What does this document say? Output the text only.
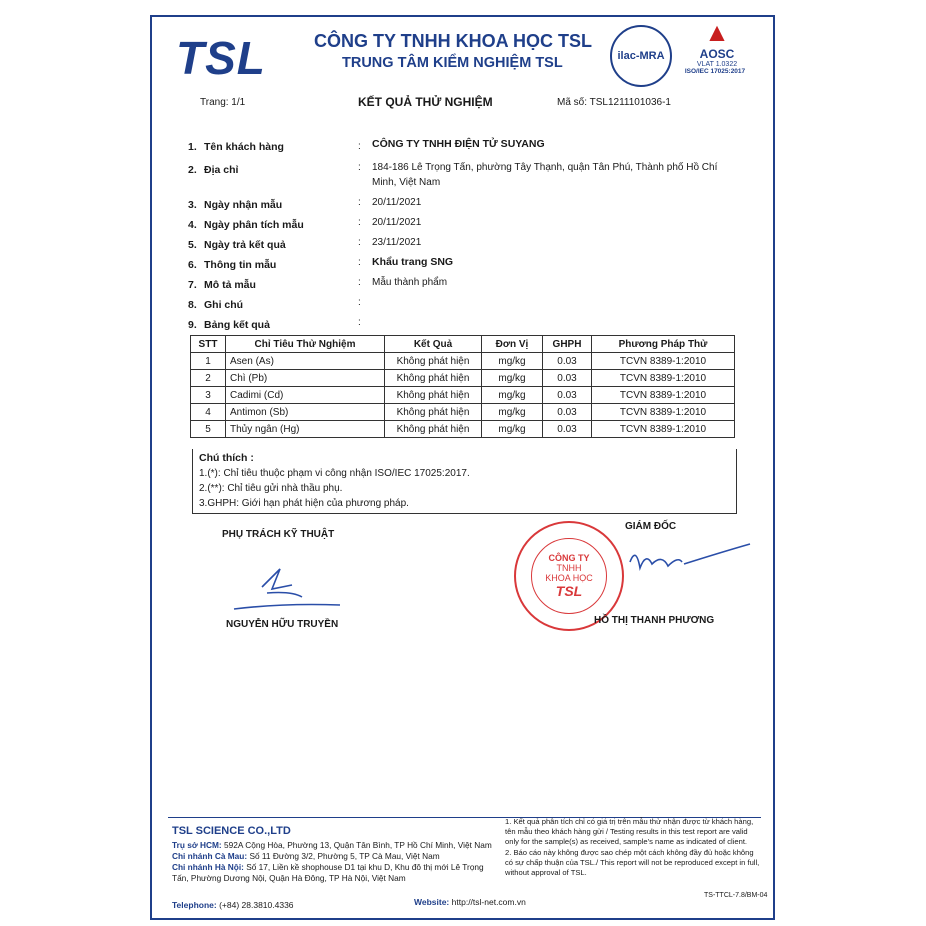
TSL	CÔNG TY TNHH KHOA HỌC TSL
TRUNG TÂM KIỂM NGHIỆM TSL	ilac-MRA
▲
AOSC
VLAT 1.0322
ISO/IEC 17025:2017
Trang: 1/1	KẾT QUẢ THỬ NGHIỆM	Mã số: TSL1211101036-1
1. Tên khách hàng	: CÔNG TY TNHH ĐIỆN TỬ SUYANG
2. Địa chỉ	: 184-186 Lê Trọng Tấn, phường Tây Thạnh, quận Tân Phú, Thành phố Hồ Chí Minh, Việt Nam
3. Ngày nhận mẫu	: 20/11/2021
4. Ngày phân tích mẫu	: 20/11/2021
5. Ngày trả kết quả	: 23/11/2021
6. Thông tin mẫu	: Khẩu trang SNG
7. Mô tả mẫu	: Mẫu thành phẩm
8. Ghi chú	:
9. Bảng kết quả	:
STT	Chỉ Tiêu Thử Nghiệm	Kết Quả	Đơn Vị	GHPH	Phương Pháp Thử
1	Asen (As)	Không phát hiện	mg/kg	0.03	TCVN 8389-1:2010
2	Chì (Pb)	Không phát hiện	mg/kg	0.03	TCVN 8389-1:2010
3	Cadimi (Cd)	Không phát hiện	mg/kg	0.03	TCVN 8389-1:2010
4	Antimon (Sb)	Không phát hiện	mg/kg	0.03	TCVN 8389-1:2010
5	Thủy ngân (Hg)	Không phát hiện	mg/kg	0.03	TCVN 8389-1:2010
Chú thích :
1.(*): Chỉ tiêu thuộc phạm vi công nhận ISO/IEC 17025:2017.
2.(**): Chỉ tiêu gửi nhà thầu phụ.
3.GHPH: Giới hạn phát hiện của phương pháp.
PHỤ TRÁCH KỸ THUẬT
NGUYỄN HỮU TRUYỀN
GIÁM ĐỐC
CÔNG TY
TNHH
KHOA HỌC
TSL
HỒ THỊ THANH PHƯƠNG
TSL SCIENCE CO.,LTD
Trụ sở HCM: 592A Cộng Hòa, Phường 13, Quận Tân Bình, TP Hồ Chí Minh, Việt Nam
Chi nhánh Cà Mau: Số 11 Đường 3/2, Phường 5, TP Cà Mau, Việt Nam
Chi nhánh Hà Nội: Số 17, Liền kề shophouse D1 tại khu D, Khu đô thị mới Lê Trọng Tấn, Phường Dương Nội, Quận Hà Đông, TP Hà Nội, Việt Nam
Telephone: (+84) 28.3810.4336	Website: http://tsl-net.com.vn
1. Kết quả phân tích chỉ có giá trị trên mẫu thử nhận được từ khách hàng, tên mẫu theo khách hàng gửi / Testing results in this test report are valid only for the sample(s) as received, sample's name as indicated of client.
2. Báo cáo này không được sao chép một cách không đầy đủ hoặc không có sự chấp thuận của TSL./ This report will not be reproduced except in full, without approval of TSL.
TS-TTCL-7.8/BM-04
